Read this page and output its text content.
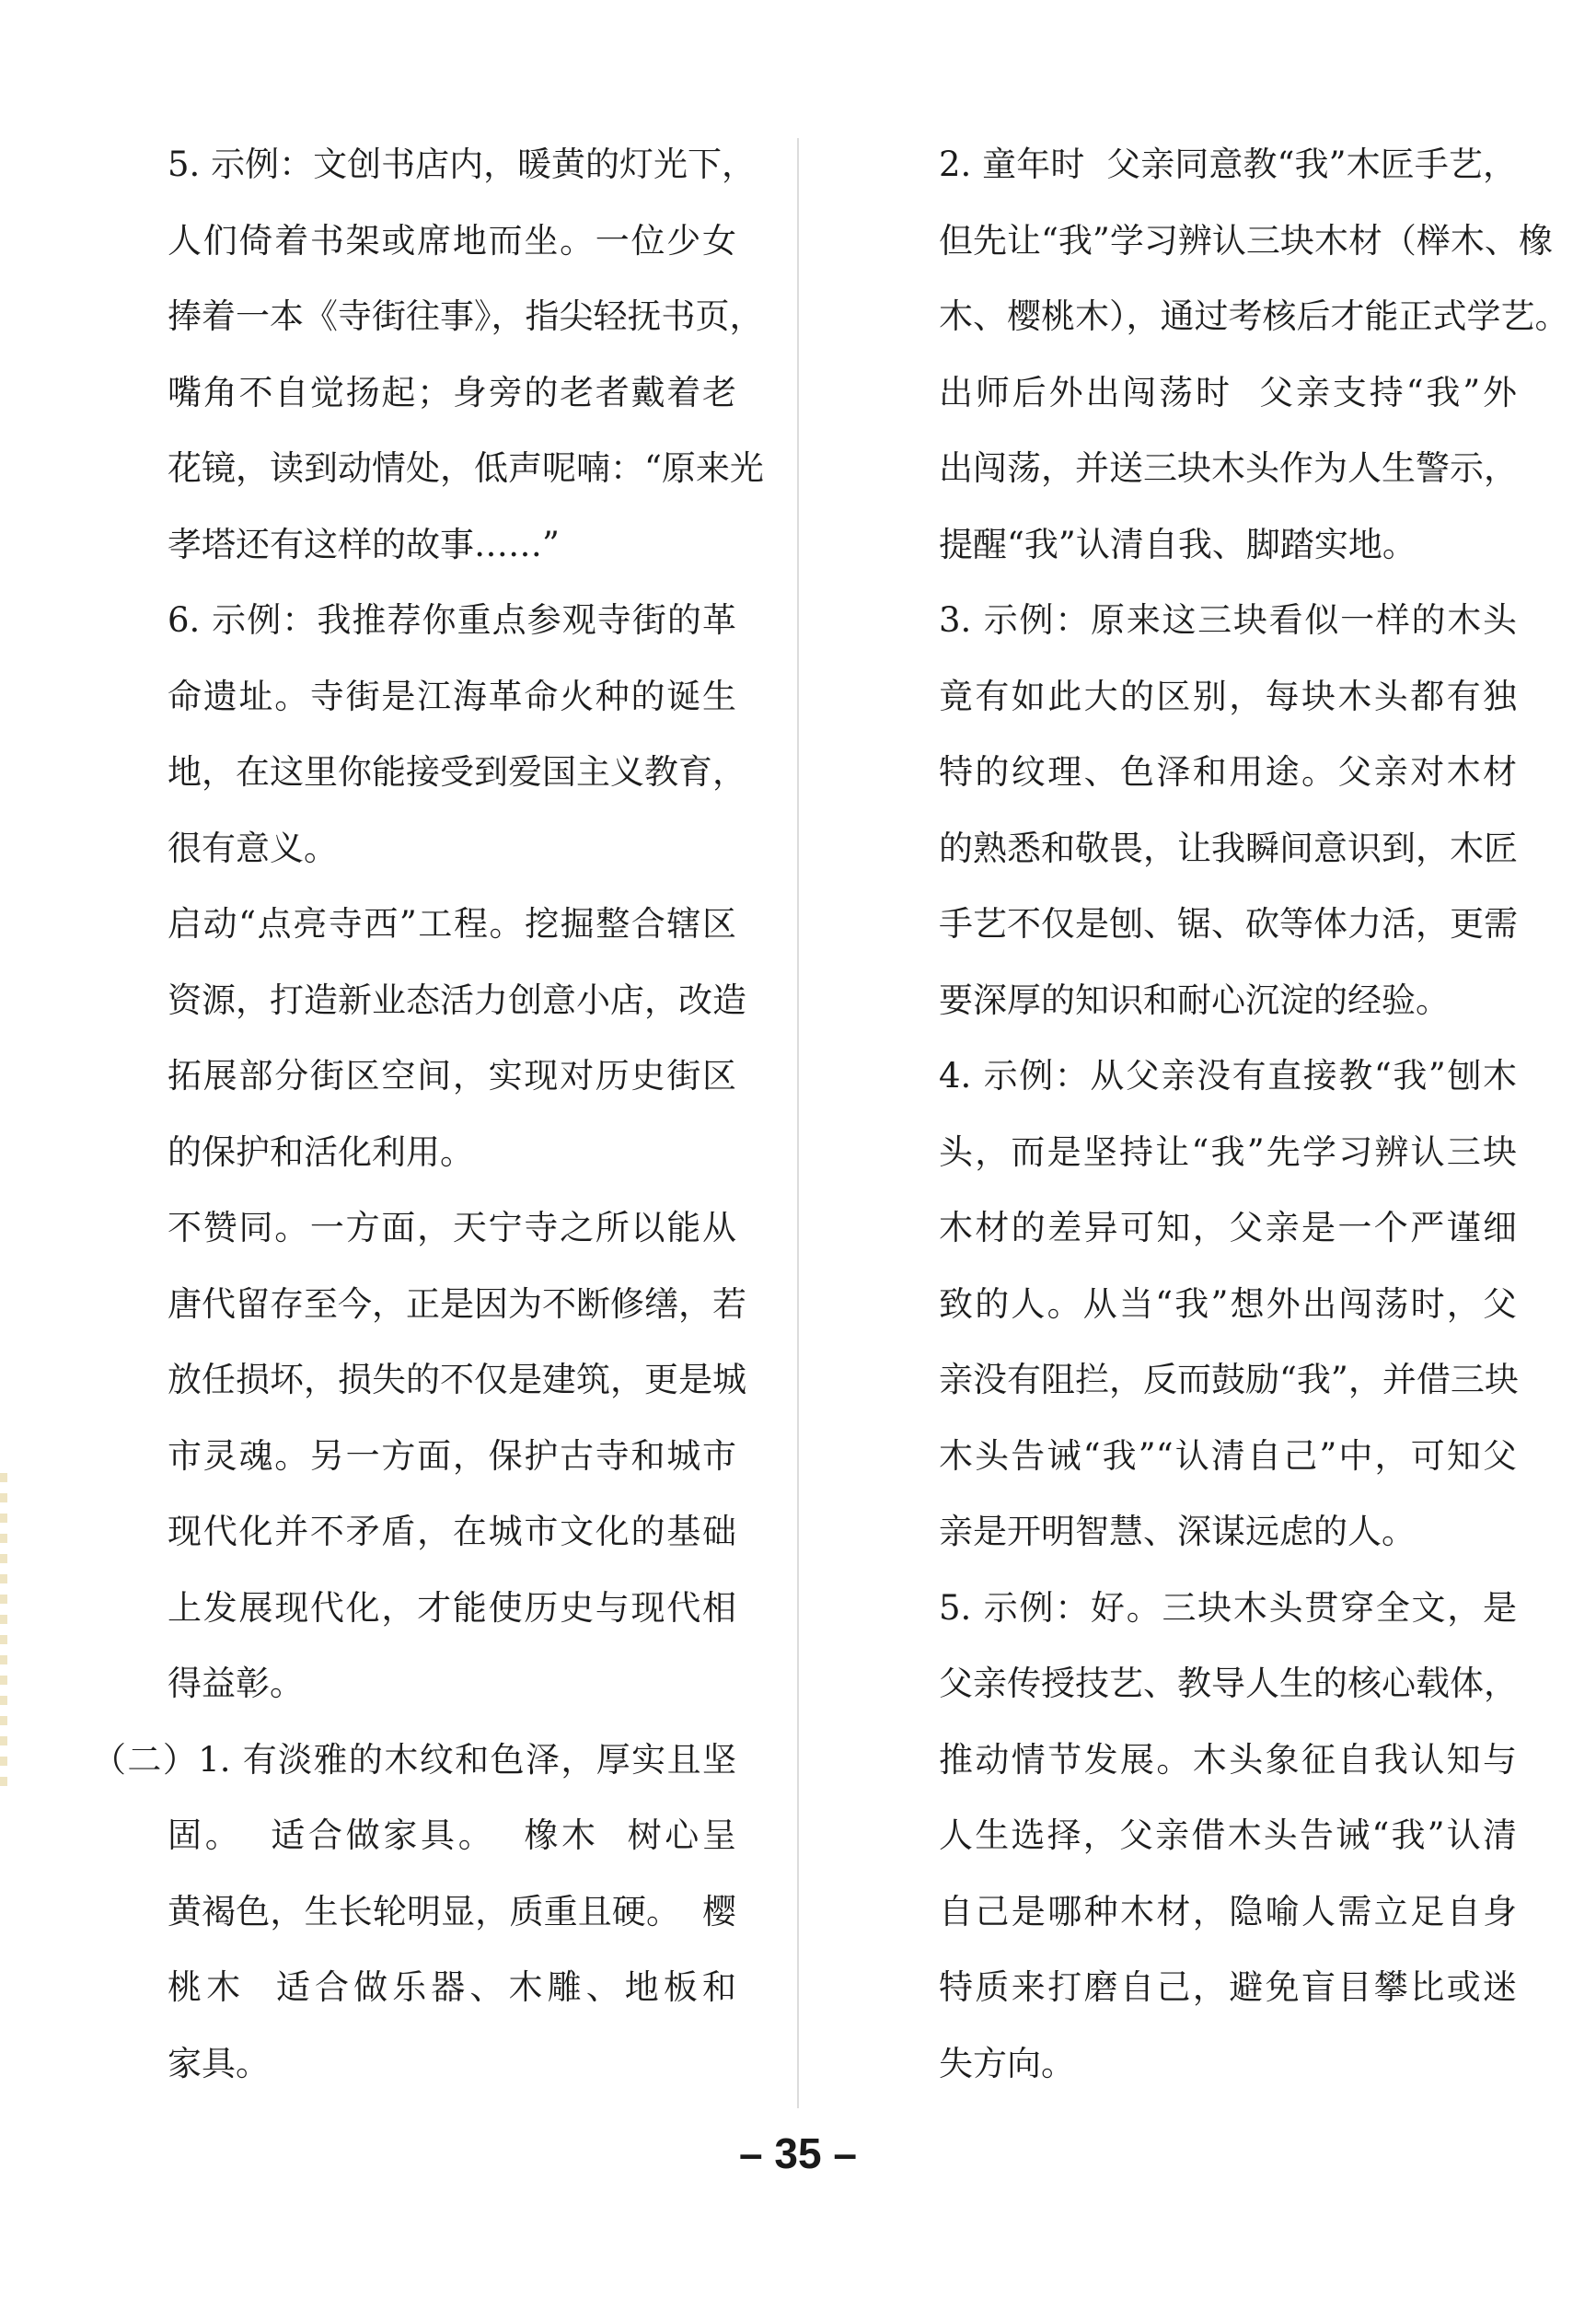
5. 示例：文创书店内，暖黄的灯光下，
人们倚着书架或席地而坐。一位少女
捧着一本《寺街往事》，指尖轻抚书页，
嘴角不自觉扬起；身旁的老者戴着老
花镜，读到动情处，低声呢喃：“原来光
孝塔还有这样的故事……”
6. 示例：我推荐你重点参观寺街的革
命遗址。寺街是江海革命火种的诞生
地，在这里你能接受到爱国主义教育，
很有意义。
启动“点亮寺西”工程。挖掘整合辖区
资源，打造新业态活力创意小店，改造
拓展部分街区空间，实现对历史街区
的保护和活化利用。
不赞同。一方面，天宁寺之所以能从
唐代留存至今，正是因为不断修缮，若
放任损坏，损失的不仅是建筑，更是城
市灵魂。另一方面，保护古寺和城市
现代化并不矛盾，在城市文化的基础
上发展现代化，才能使历史与现代相
得益彰。
（二）1. 有淡雅的木纹和色泽，厚实且坚
固。  适合做家具。  橡木  树心呈
黄褐色，生长轮明显，质重且硬。  樱
桃木  适合做乐器、木雕、地板和
家具。
2. 童年时  父亲同意教“我”木匠手艺，
但先让“我”学习辨认三块木材（榉木、橡
木、樱桃木），通过考核后才能正式学艺。
出师后外出闯荡时  父亲支持“我”外
出闯荡，并送三块木头作为人生警示，
提醒“我”认清自我、脚踏实地。
3. 示例：原来这三块看似一样的木头
竟有如此大的区别，每块木头都有独
特的纹理、色泽和用途。父亲对木材
的熟悉和敬畏，让我瞬间意识到，木匠
手艺不仅是刨、锯、砍等体力活，更需
要深厚的知识和耐心沉淀的经验。
4. 示例：从父亲没有直接教“我”刨木
头，而是坚持让“我”先学习辨认三块
木材的差异可知，父亲是一个严谨细
致的人。从当“我”想外出闯荡时，父
亲没有阻拦，反而鼓励“我”，并借三块
木头告诫“我”“认清自己”中，可知父
亲是开明智慧、深谋远虑的人。
5. 示例：好。三块木头贯穿全文，是
父亲传授技艺、教导人生的核心载体，
推动情节发展。木头象征自我认知与
人生选择，父亲借木头告诫“我”认清
自己是哪种木材，隐喻人需立足自身
特质来打磨自己，避免盲目攀比或迷
失方向。
– 35 –
